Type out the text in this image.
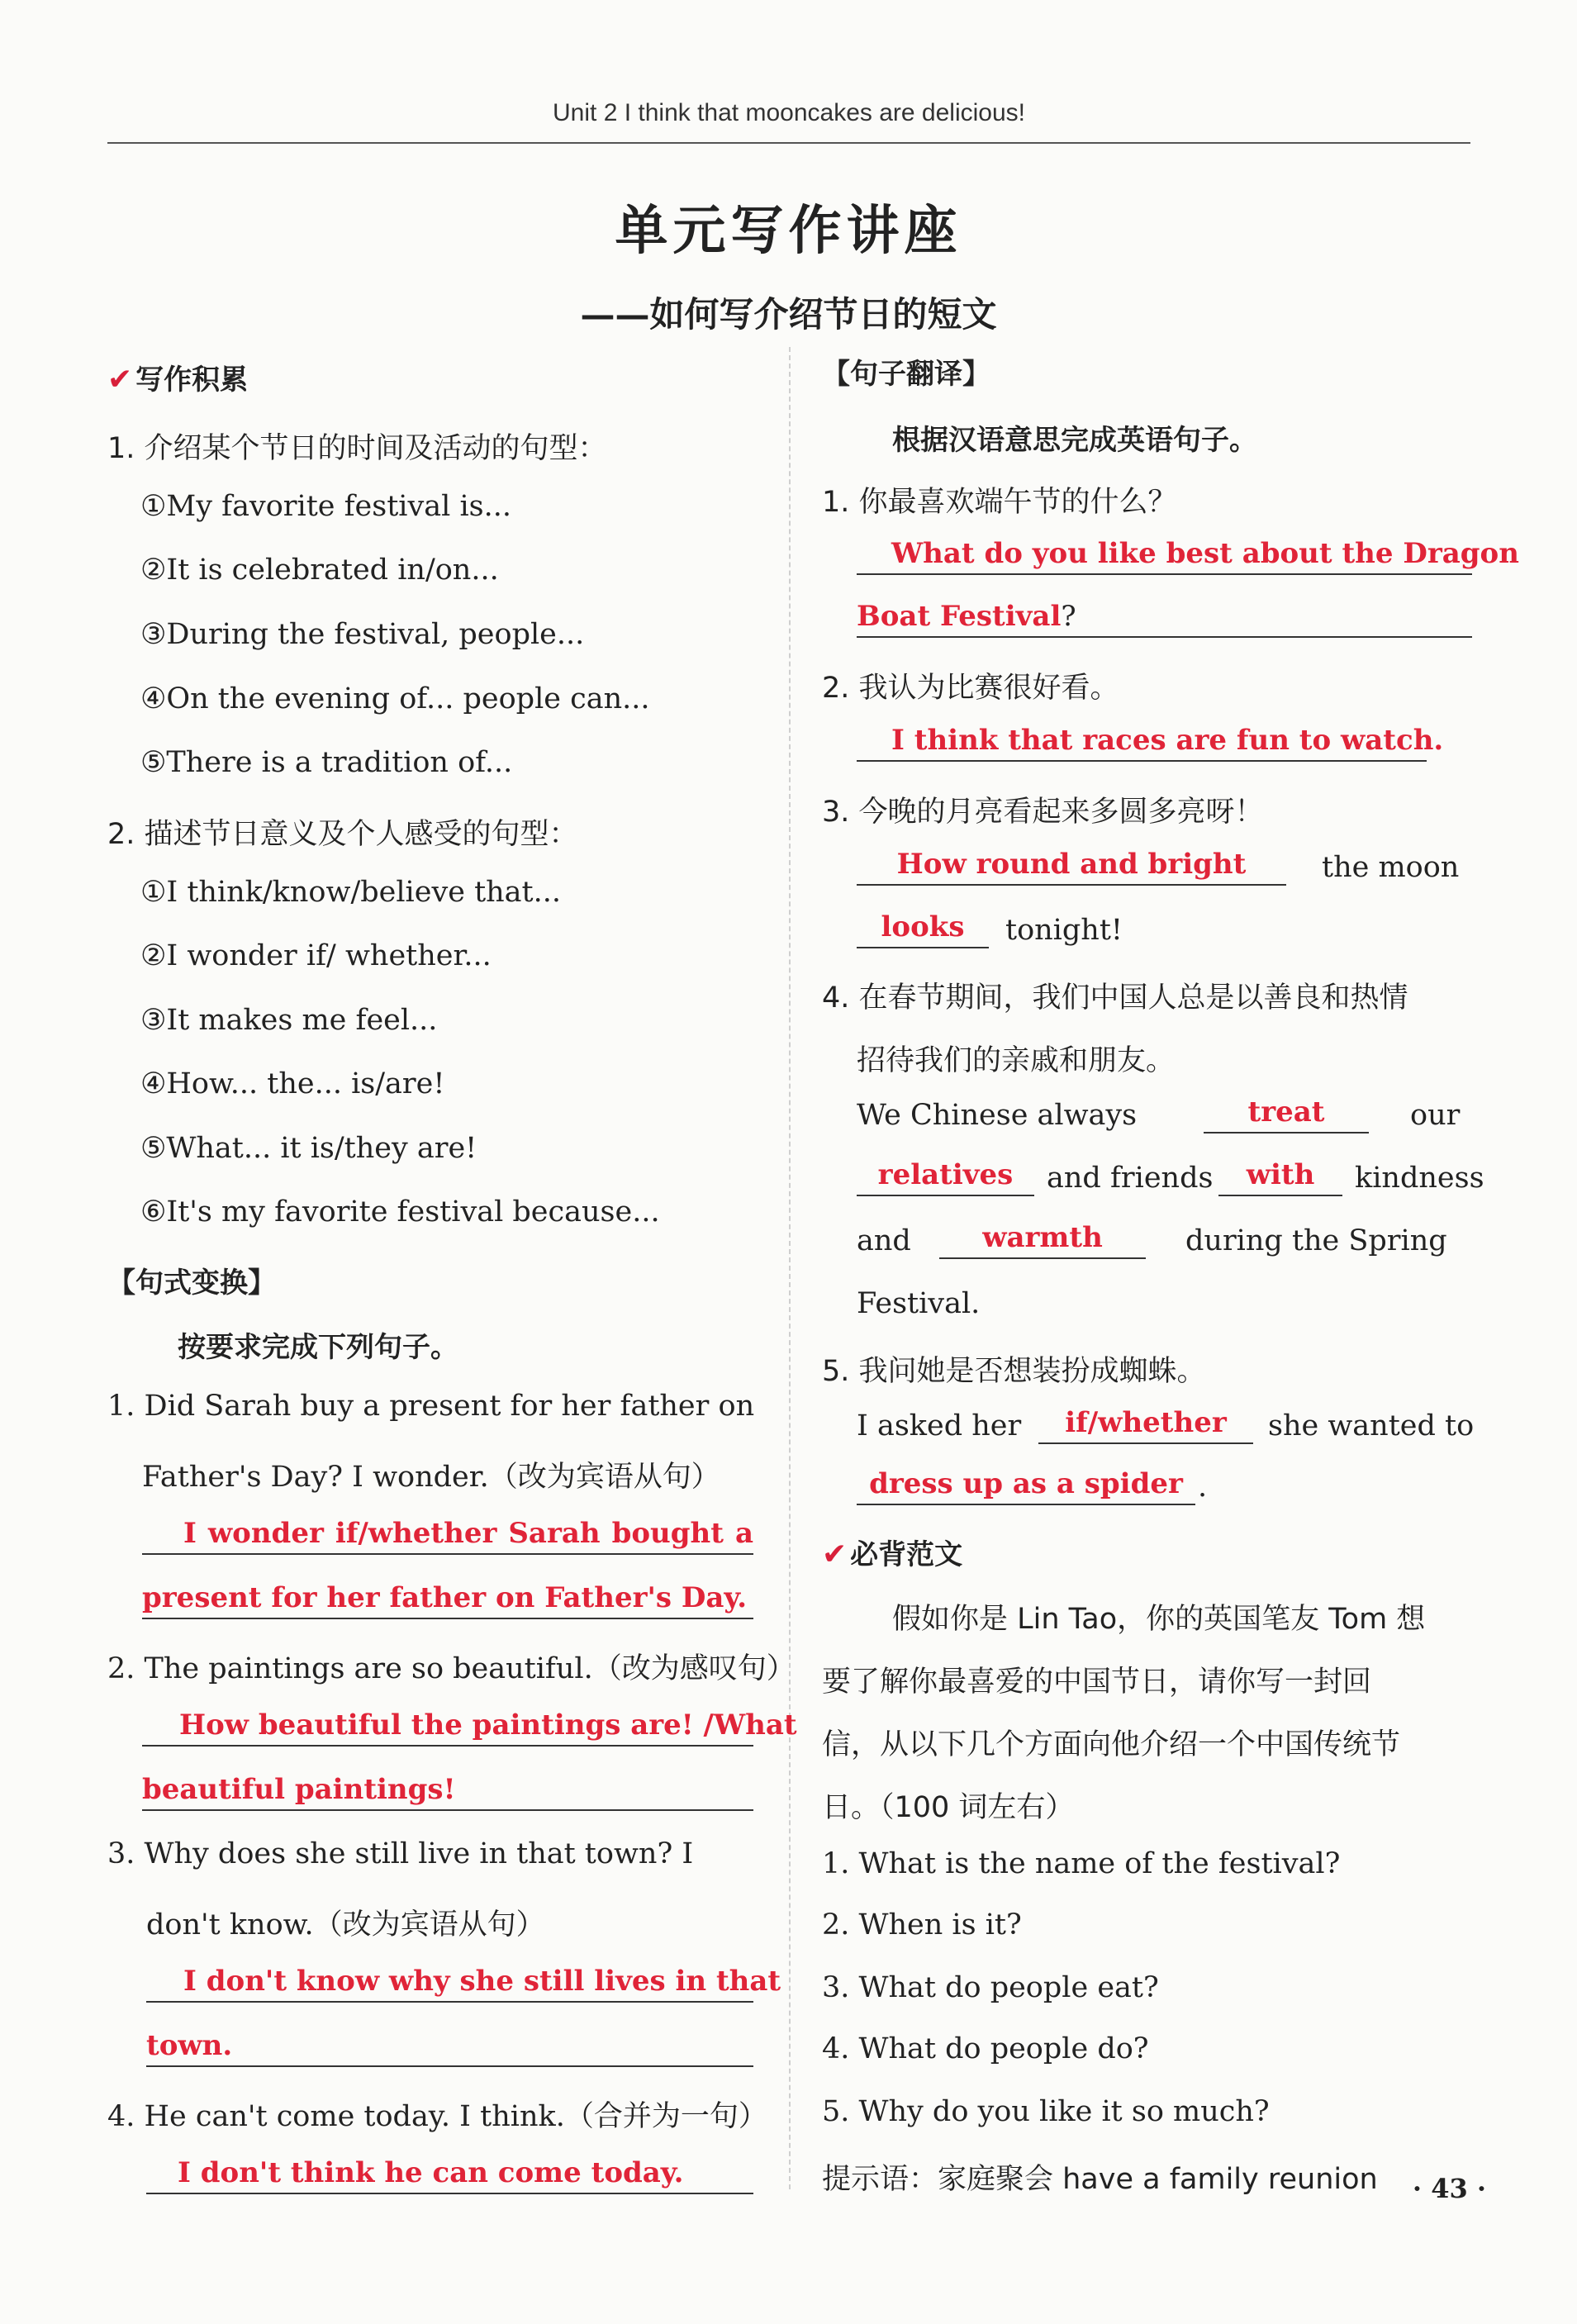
Unit 2 I think that mooncakes are delicious!
单元写作讲座
——如何写介绍节日的短文
✔ 写作积累
1. 介绍某个节日的时间及活动的句型：
①My favorite festival is...
②It is celebrated in/on...
③During the festival, people...
④On the evening of... people can...
⑤There is a tradition of...
2. 描述节日意义及个人感受的句型：
①I think/know/believe that...
②I wonder if/ whether...
③It makes me feel...
④How... the... is/are!
⑤What... it is/they are!
⑥It's my favorite festival because...
【句式变换】
按要求完成下列句子。
1. Did Sarah buy a present for her father on
Father's Day? I wonder.（改为宾语从句）
I wonder if/whether Sarah bought a
present for her father on Father's Day.
2. The paintings are so beautiful.（改为感叹句）
How beautiful the paintings are! /What
beautiful paintings!
3. Why does she still live in that town? I
don't know.（改为宾语从句）
I don't know why she still lives in that
town.
4. He can't come today. I think.（合并为一句）
I don't think he can come today.
【句子翻译】
根据汉语意思完成英语句子。
1. 你最喜欢端午节的什么？
What do you like best about the Dragon
Boat Festival?
2. 我认为比赛很好看。
I think that races are fun to watch.
3. 今晚的月亮看起来多圆多亮呀！
How round and bright	the moon
looks	tonight!
4. 在春节期间，我们中国人总是以善良和热情
招待我们的亲戚和朋友。
We Chinese always	treat	our
relatives	and friends	with	kindness
and	warmth	during the Spring
Festival.
5. 我问她是否想装扮成蜘蛛。
I asked her	if/whether	she wanted to
dress up as a spider .
✔ 必背范文
假如你是 Lin Tao，你的英国笔友 Tom 想
要了解你最喜爱的中国节日，请你写一封回
信，从以下几个方面向他介绍一个中国传统节
日。（100 词左右）
1. What is the name of the festival?
2. When is it?
3. What do people eat?
4. What do people do?
5. Why do you like it so much?
提示语：家庭聚会 have a family reunion · 43 ·
